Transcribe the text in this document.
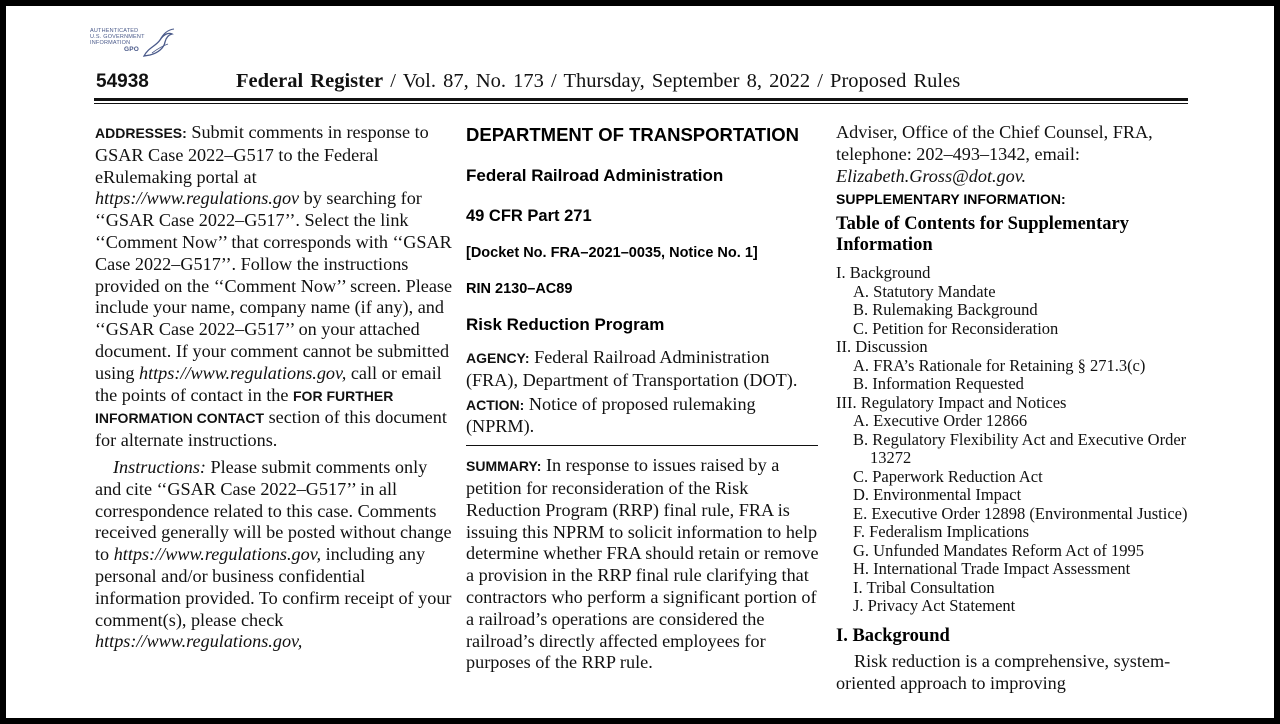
AUTHENTICATED
U.S. GOVERNMENT
INFORMATION
GPO
54938	Federal Register / Vol. 87, No. 173 / Thursday, September 8, 2022 / Proposed Rules

ADDRESSES: Submit comments in response to GSAR Case 2022–G517 to the Federal eRulemaking portal at https://www.regulations.gov by searching for ‘‘GSAR Case 2022–G517’’. Select the link ‘‘Comment Now’’ that corresponds with ‘‘GSAR Case 2022–G517’’. Follow the instructions provided on the ‘‘Comment Now’’ screen. Please include your name, company name (if any), and ‘‘GSAR Case 2022–G517’’ on your attached document. If your comment cannot be submitted using https://www.regulations.gov, call or email the points of contact in the FOR FURTHER INFORMATION CONTACT section of this document for alternate instructions.

Instructions: Please submit comments only and cite ‘‘GSAR Case 2022–G517’’ in all correspondence related to this case. Comments received generally will be posted without change to https://www.regulations.gov, including any personal and/or business confidential information provided. To confirm receipt of your comment(s), please check https://www.regulations.gov,

DEPARTMENT OF TRANSPORTATION
Federal Railroad Administration
49 CFR Part 271
[Docket No. FRA–2021–0035, Notice No. 1]
RIN 2130–AC89
Risk Reduction Program

AGENCY: Federal Railroad Administration (FRA), Department of Transportation (DOT).

ACTION: Notice of proposed rulemaking (NPRM).

SUMMARY: In response to issues raised by a petition for reconsideration of the Risk Reduction Program (RRP) final rule, FRA is issuing this NPRM to solicit information to help determine whether FRA should retain or remove a provision in the RRP final rule clarifying that contractors who perform a significant portion of a railroad’s operations are considered the railroad’s directly affected employees for purposes of the RRP rule.

Adviser, Office of the Chief Counsel, FRA, telephone: 202–493–1342, email: Elizabeth.Gross@dot.gov.

SUPPLEMENTARY INFORMATION:
Table of Contents for Supplementary Information
I. Background
A. Statutory Mandate
B. Rulemaking Background
C. Petition for Reconsideration
II. Discussion
A. FRA’s Rationale for Retaining § 271.3(c)
B. Information Requested
III. Regulatory Impact and Notices
A. Executive Order 12866
B. Regulatory Flexibility Act and Executive Order 13272
C. Paperwork Reduction Act
D. Environmental Impact
E. Executive Order 12898 (Environmental Justice)
F. Federalism Implications
G. Unfunded Mandates Reform Act of 1995
H. International Trade Impact Assessment
I. Tribal Consultation
J. Privacy Act Statement
I. Background

Risk reduction is a comprehensive, system-oriented approach to improving
